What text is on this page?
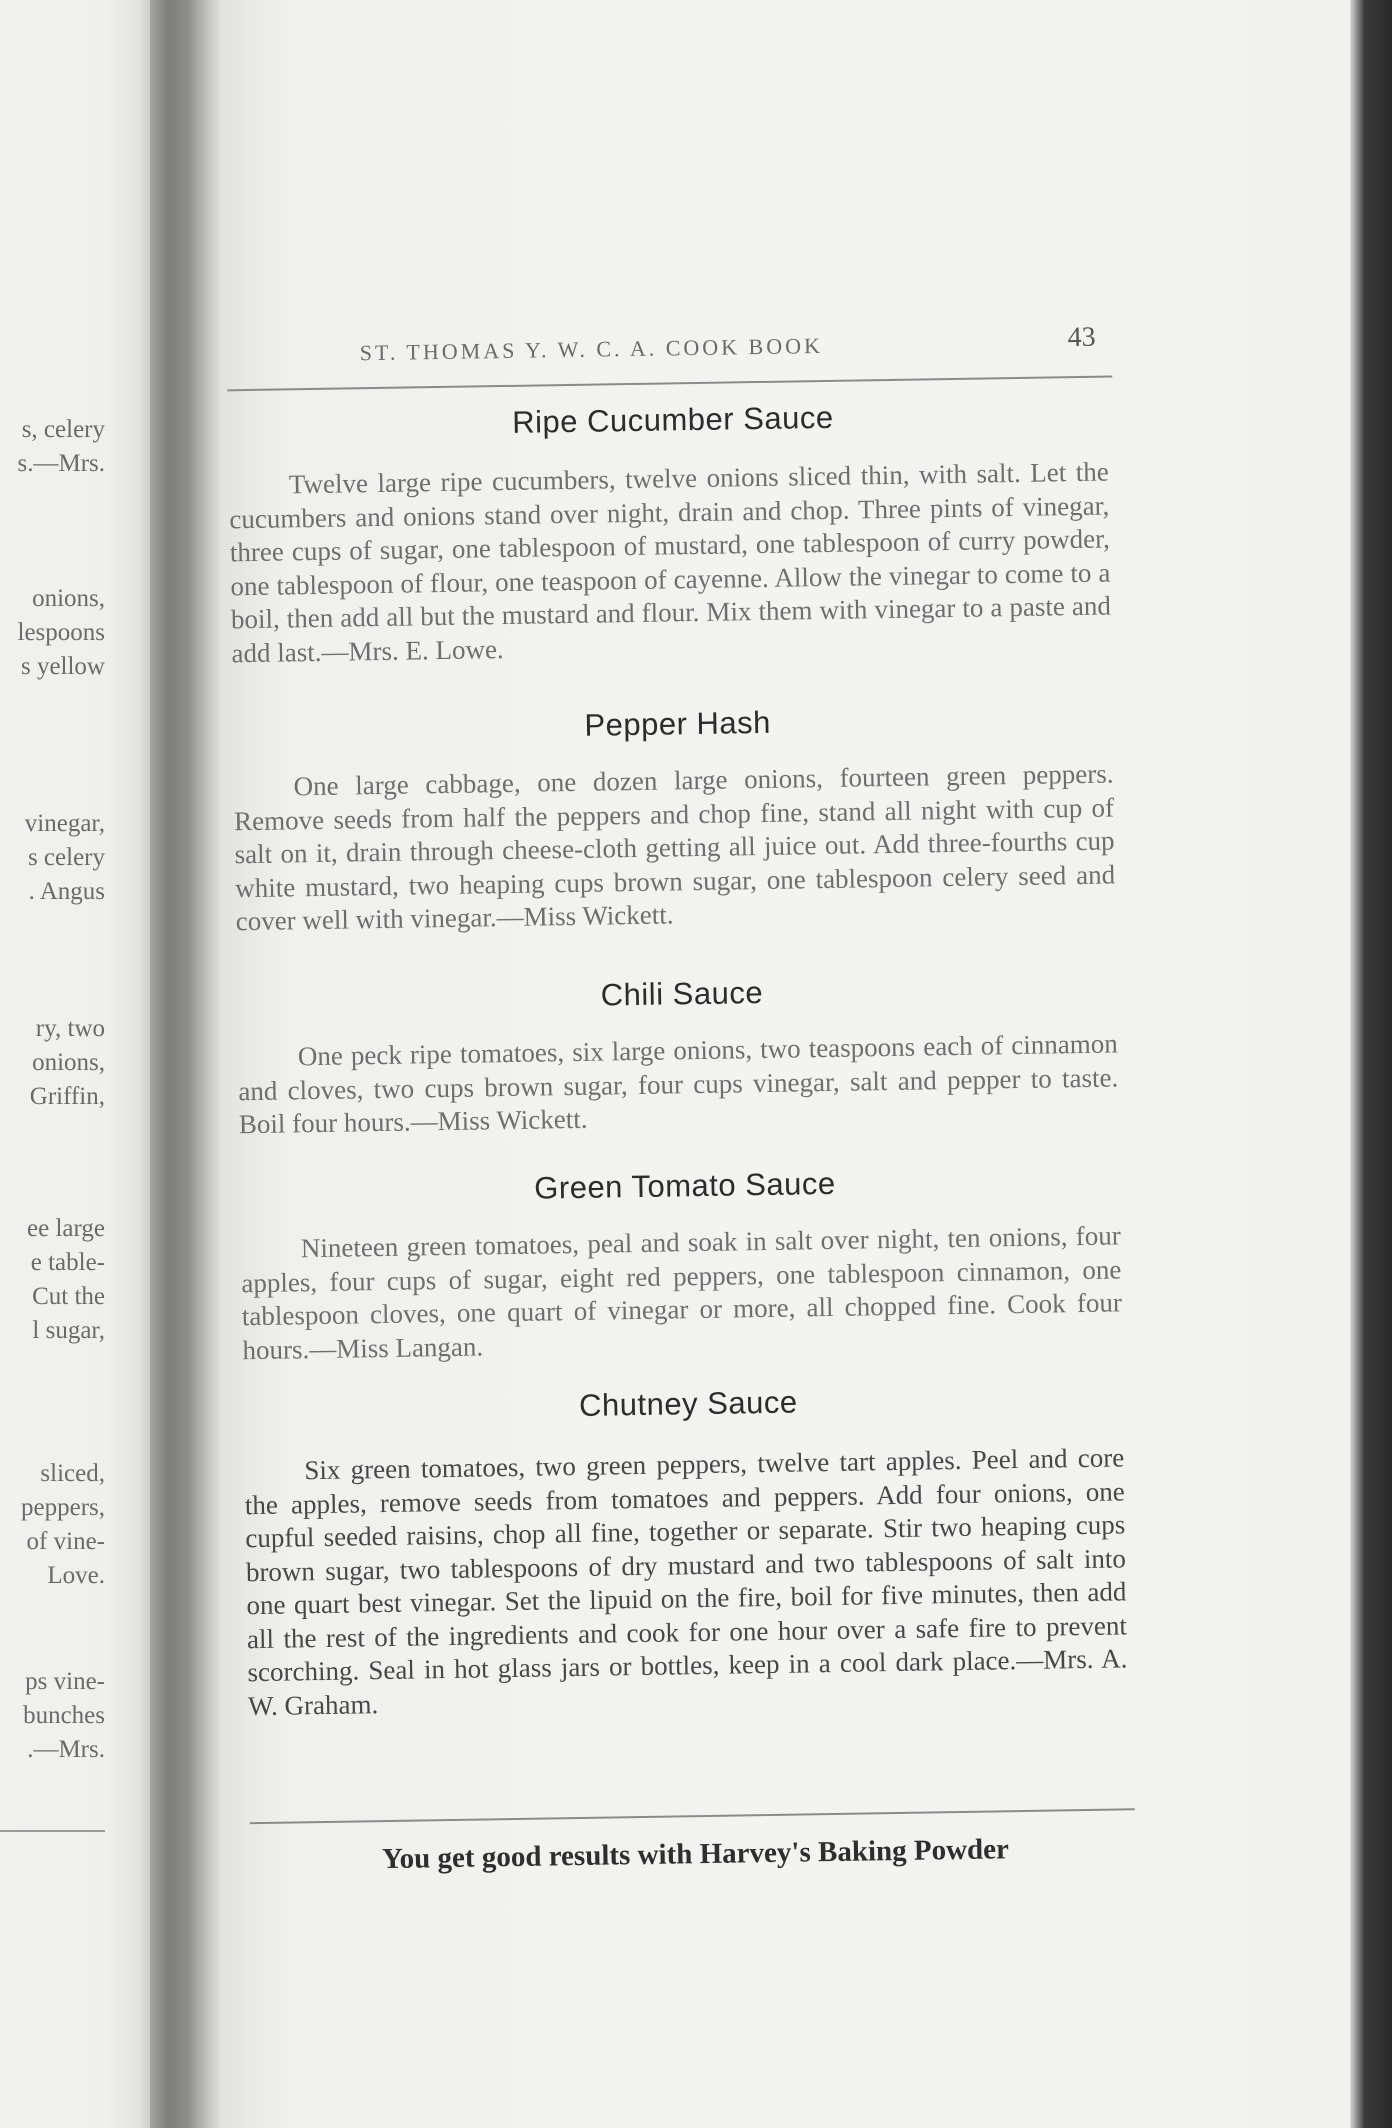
s, celery
s.—Mrs.
onions,
lespoons
s yellow
vinegar,
s celery
. Angus
ry, two
onions,
Griffin,
ee large
e table-
Cut the
l sugar,
sliced,
peppers,
of vine-
Love.
ps vine-
bunches
.—Mrs.
ST. THOMAS Y. W. C. A. COOK BOOK	43
Ripe Cucumber Sauce

Twelve large ripe cucumbers, twelve onions sliced thin, with salt. Let the cucumbers and onions stand over night, drain and chop. Three pints of vinegar, three cups of sugar, one tablespoon of mustard, one tablespoon of curry powder, one tablespoon of flour, one teaspoon of cayenne. Allow the vinegar to come to a boil, then add all but the mustard and flour. Mix them with vinegar to a paste and add last.—Mrs. E. Lowe.

Pepper Hash

One large cabbage, one dozen large onions, fourteen green peppers. Remove seeds from half the peppers and chop fine, stand all night with cup of salt on it, drain through cheese-cloth getting all juice out. Add three-fourths cup white mustard, two heaping cups brown sugar, one tablespoon celery seed and cover well with vinegar.—Miss Wickett.

Chili Sauce

One peck ripe tomatoes, six large onions, two teaspoons each of cinnamon and cloves, two cups brown sugar, four cups vinegar, salt and pepper to taste. Boil four hours.—Miss Wickett.

Green Tomato Sauce

Nineteen green tomatoes, peal and soak in salt over night, ten onions, four apples, four cups of sugar, eight red peppers, one tablespoon cinnamon, one tablespoon cloves, one quart of vinegar or more, all chopped fine. Cook four hours.—Miss Langan.

Chutney Sauce

Six green tomatoes, two green peppers, twelve tart apples. Peel and core the apples, remove seeds from tomatoes and peppers. Add four onions, one cupful seeded raisins, chop all fine, together or separate. Stir two heaping cups brown sugar, two tablespoons of dry mustard and two tablespoons of salt into one quart best vinegar. Set the lipuid on the fire, boil for five minutes, then add all the rest of the ingredients and cook for one hour over a safe fire to prevent scorching. Seal in hot glass jars or bottles, keep in a cool dark place.—Mrs. A. W. Graham.

You get good results with Harvey's Baking Powder
